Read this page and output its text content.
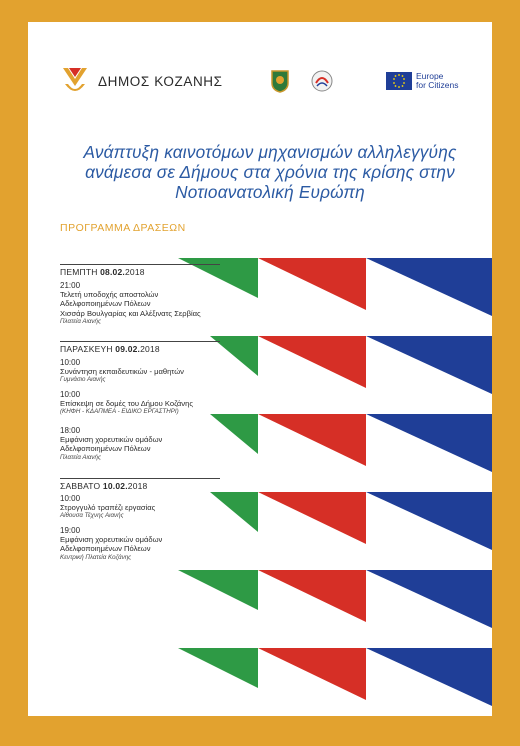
ΔΗΜΟΣ ΚΟΖΑΝΗΣ	Europe
for Citizens
Ανάπτυξη καινοτόμων μηχανισμών αλληλεγγύης ανάμεσα σε Δήμους στα χρόνια της κρίσης στην Νοτιοανατολική Ευρώπη
ΠΡΟΓΡΑΜΜΑ ΔΡΑΣΕΩΝ
ΠΕΜΠΤΗ 08.02.2018
21:00
Τελετή υποδοχής αποστολών
Αδελφοποιημένων Πόλεων
Χισσάρ Βουλγαρίας και Αλέξινατς Σερβίας
Πλατεία Αιανής
ΠΑΡΑΣΚΕΥΗ 09.02.2018
10:00
Συνάντηση εκπαιδευτικών - μαθητών
Γυμνάσιο Αιανής
10:00
Επίσκεψη σε δομές του Δήμου Κοζάνης
(ΚΗΦΗ - ΚΔΑΠΜΕΑ - ΕΙΔΙΚΟ ΕΡΓΑΣΤΗΡΙ)
18:00
Εμφάνιση χορευτικών ομάδων
Αδελφοποιημένων Πόλεων
Πλατεία Αιανής
ΣΑΒΒΑΤΟ 10.02.2018
10:00
Στρογγυλό τραπέζι εργασίας
Αίθουσα Τέχνης Αιανής
19:00
Εμφάνιση χορευτικών ομάδων
Αδελφοποιημένων Πόλεων
Κεντρική Πλατεία Κοζάνης
